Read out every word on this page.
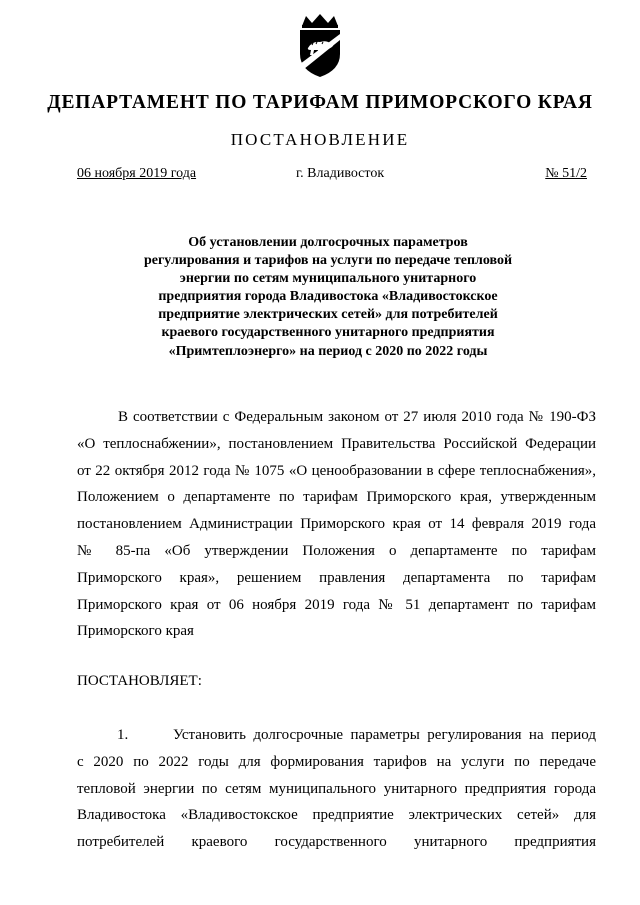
ДЕПАРТАМЕНТ ПО ТАРИФАМ ПРИМОРСКОГО КРАЯ
ПОСТАНОВЛЕНИЕ
06 ноября 2019 года	г. Владивосток	№ 51/2
Об установлении долгосрочных параметров
регулирования и тарифов на услуги по передаче тепловой
энергии по сетям муниципального унитарного
предприятия города Владивостока «Владивостокское
предприятие электрических сетей» для потребителей
краевого государственного унитарного предприятия
«Примтеплоэнерго» на период с 2020 по 2022 годы
В соответствии с Федеральным законом от 27 июля 2010 года № 190-ФЗ
«О теплоснабжении», постановлением Правительства Российской Федерации
от 22 октября 2012 года № 1075 «О ценообразовании в сфере теплоснабжения»,
Положением о департаменте по тарифам Приморского края, утвержденным
постановлением Администрации Приморского края от 14 февраля 2019 года
№ 85-па «Об утверждении Положения о департаменте по тарифам
Приморского края», решением правления департамента по тарифам
Приморского края от 06 ноября 2019 года № 51 департамент по тарифам
Приморского края
ПОСТАНОВЛЯЕТ:
1.      Установить долгосрочные параметры регулирования на период
с 2020 по 2022 годы для формирования тарифов на услуги по передаче
тепловой энергии по сетям муниципального унитарного предприятия города
Владивостока «Владивостокское предприятие электрических сетей» для
потребителей краевого государственного унитарного предприятия
